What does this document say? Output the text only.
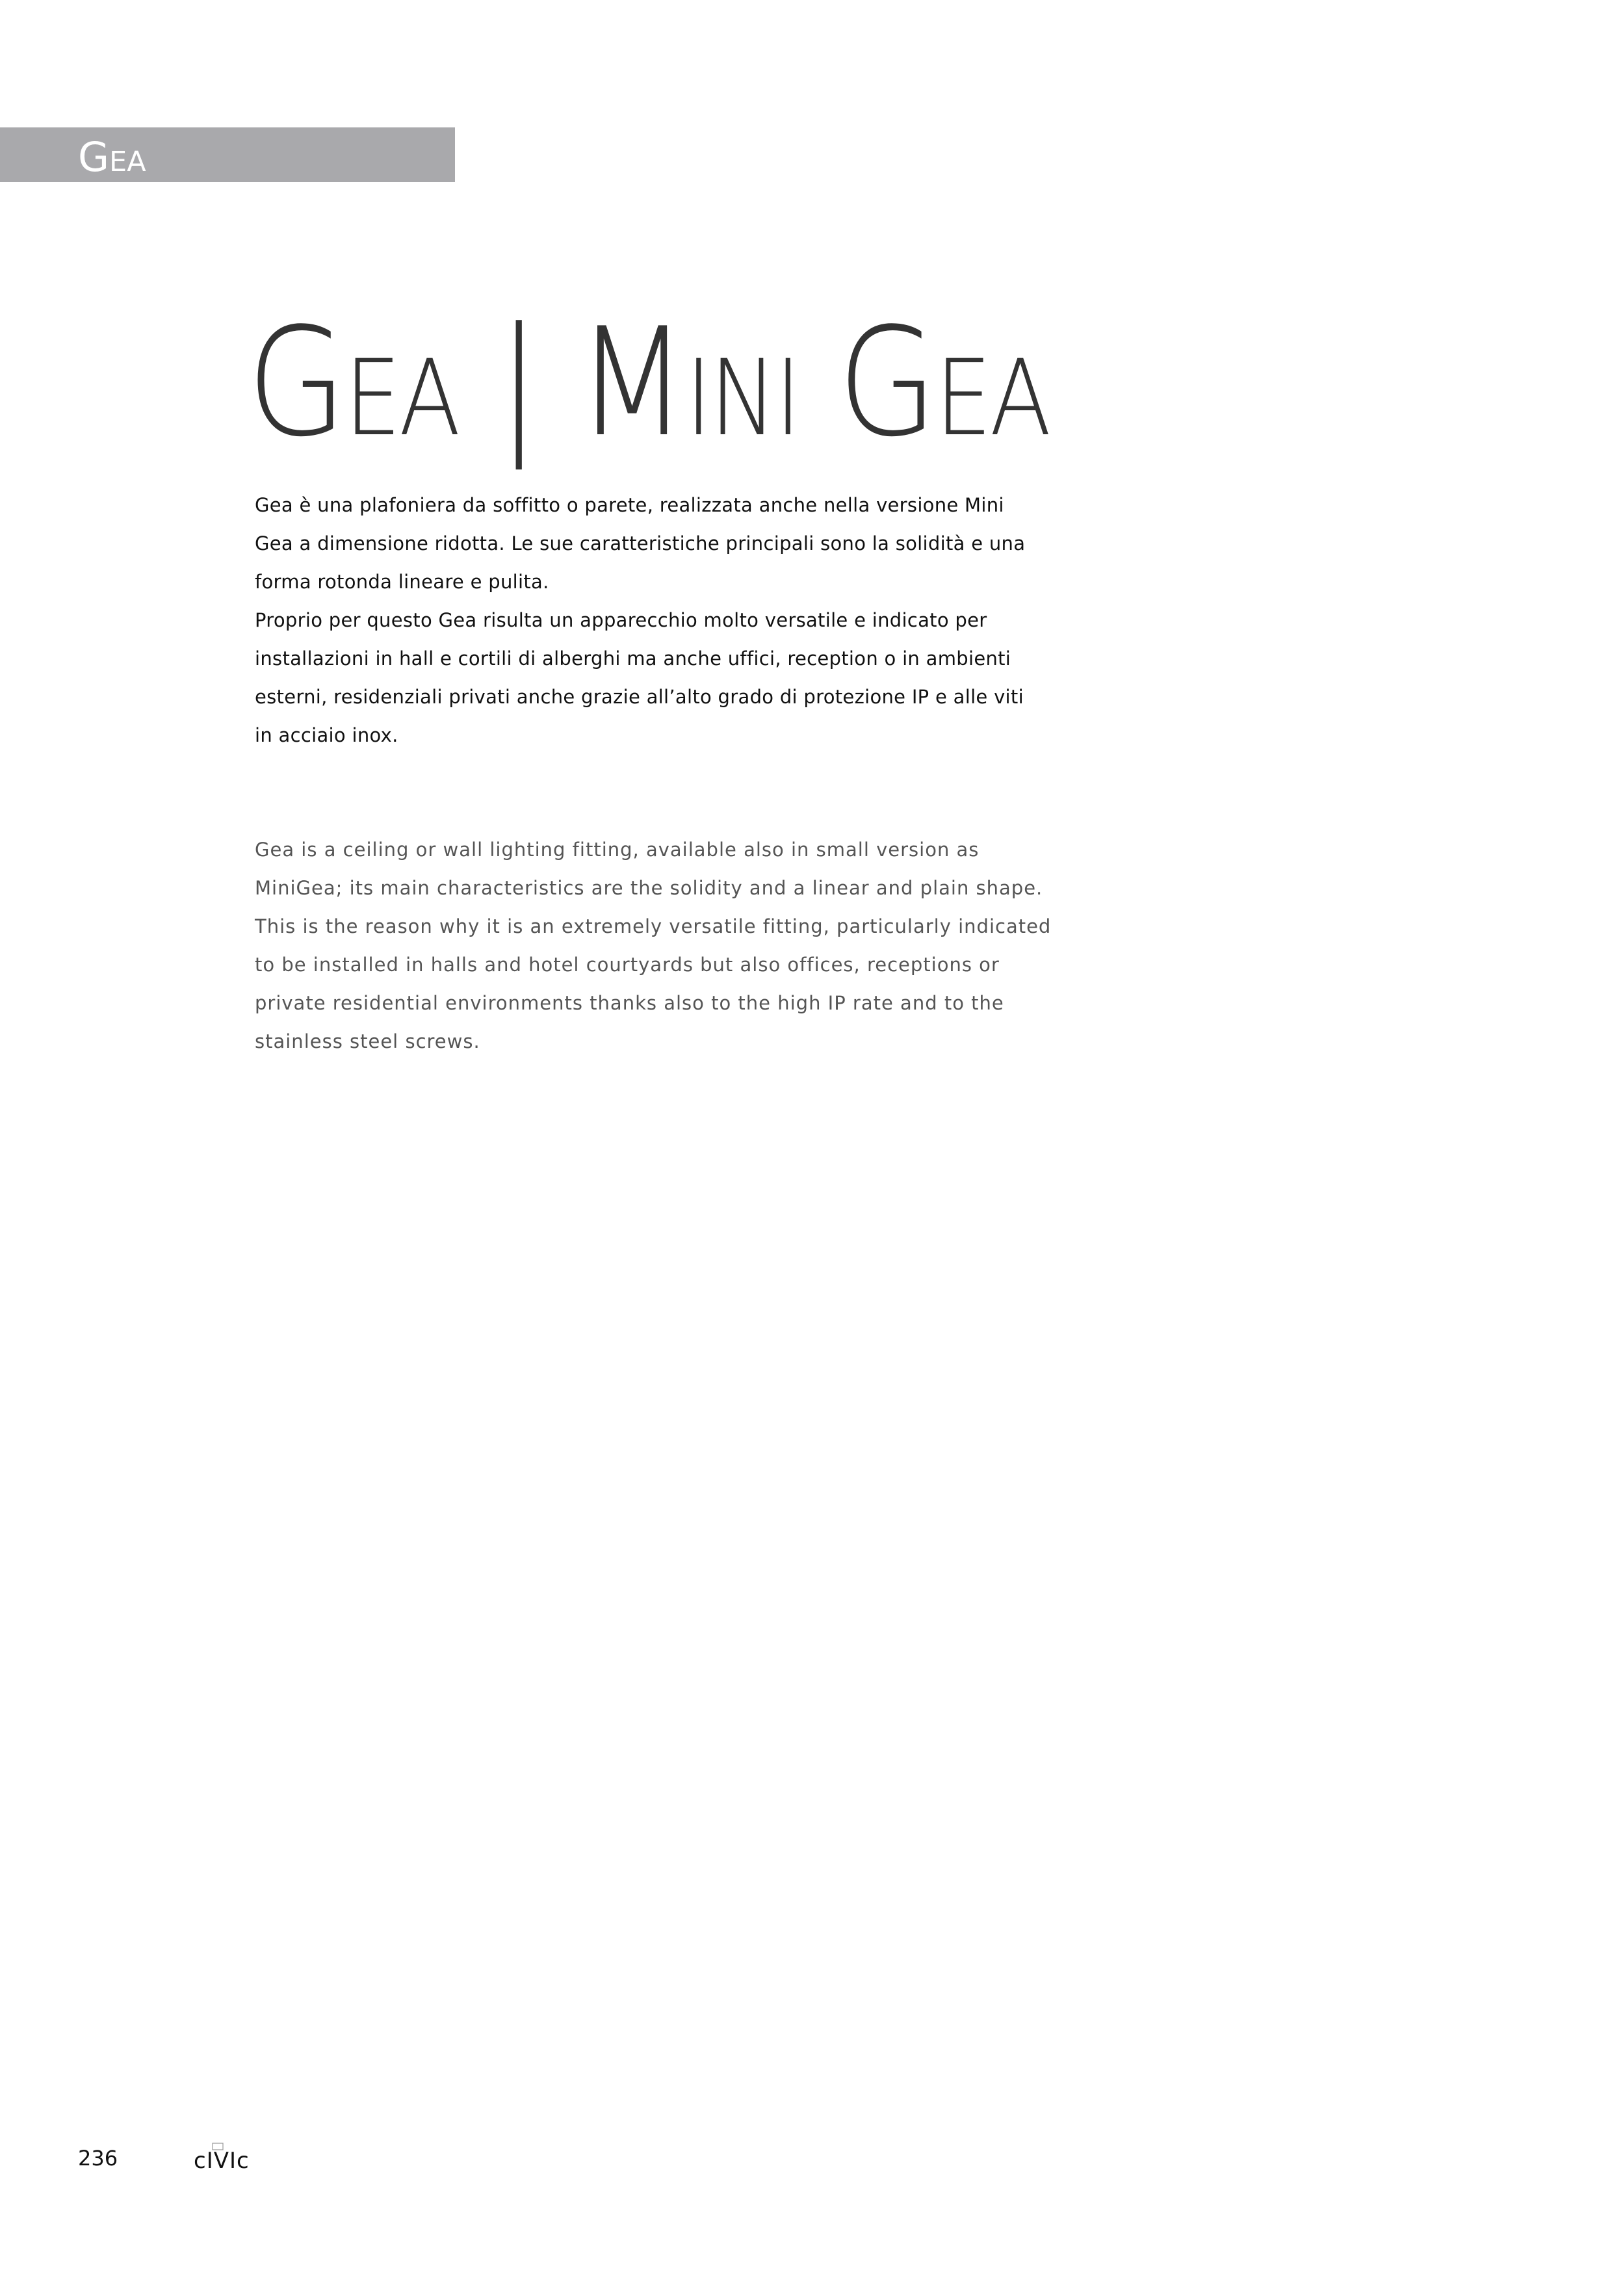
Gea
Gea | Mini Gea
Gea è una plafoniera da soffitto o parete, realizzata anche nella versione Mini
Gea a dimensione ridotta. Le sue caratteristiche principali sono la solidità e una
forma rotonda lineare e pulita.
Proprio per questo Gea risulta un apparecchio molto versatile e indicato per
installazioni in hall e cortili di alberghi ma anche uffici, reception o in ambienti
esterni, residenziali privati anche grazie all’alto grado di protezione IP e alle viti
in acciaio inox.
Gea is a ceiling or wall lighting fitting, available also in small version as
MiniGea; its main characteristics are the solidity and a linear and plain shape.
This is the reason why it is an extremely versatile fitting, particularly indicated
to be installed in halls and hotel courtyards but also offices, receptions or
private residential environments thanks also to the high IP rate and to the
stainless steel screws.
236	cIVIc
